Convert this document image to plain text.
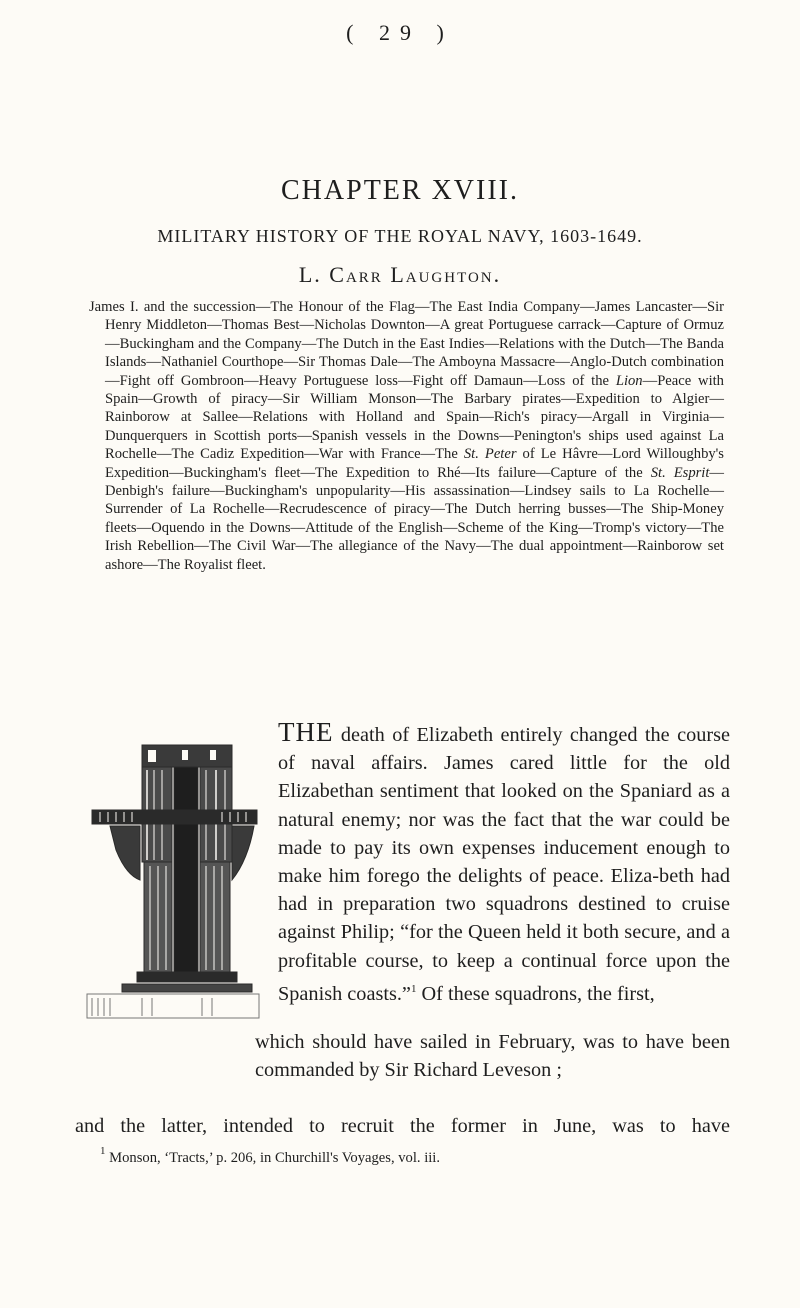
( 29 )
CHAPTER XVIII.
MILITARY HISTORY OF THE ROYAL NAVY, 1603-1649.
L. Carr Laughton.
James I. and the succession—The Honour of the Flag—The East India Company—James Lancaster—Sir Henry Middleton—Thomas Best—Nicholas Downton—A great Portuguese carrack—Capture of Ormuz—Buckingham and the Company—The Dutch in the East Indies—Relations with the Dutch—The Banda Islands—Nathaniel Courthope—Sir Thomas Dale—The Amboyna Massacre—Anglo-Dutch combination—Fight off Gombroon—Heavy Portuguese loss—Fight off Damaun—Loss of the Lion—Peace with Spain—Growth of piracy—Sir William Monson—The Barbary pirates—Expedition to Algier—Rainborow at Sallee—Relations with Holland and Spain—Rich's piracy—Argall in Virginia—Dunquerquers in Scottish ports—Spanish vessels in the Downs—Penington's ships used against La Rochelle—The Cadiz Expedition—War with France—The St. Peter of Le Hâvre—Lord Willoughby's Expedition—Buckingham's fleet—The Expedition to Rhé—Its failure—Capture of the St. Esprit—Denbigh's failure—Buckingham's unpopularity—His assassination—Lindsey sails to La Rochelle—Surrender of La Rochelle—Recrudescence of piracy—The Dutch herring busses—The Ship-Money fleets—Oquendo in the Downs—Attitude of the English—Scheme of the King—Tromp's victory—The Irish Rebellion—The Civil War—The allegiance of the Navy—The dual appointment—Rainborow set ashore—The Royalist fleet.
THE death of Elizabeth entirely changed the course of naval affairs. James cared little for the old Elizabethan sentiment that looked on the Spaniard as a natural enemy; nor was the fact that the war could be made to pay its own expenses inducement enough to make him forego the delights of peace. Eliza-beth had had in preparation two squadrons destined to cruise against Philip; “for the Queen held it both secure, and a profitable course, to keep a continual force upon the Spanish coasts.”$^1$ Of these squadrons, the first,
which should have sailed in February, was to have been commanded by Sir Richard Leveson ;
and the latter, intended to recruit the former in June, was to have
$^1$ Monson, ‘Tracts,’ p. 206, in Churchill's Voyages, vol. iii.
